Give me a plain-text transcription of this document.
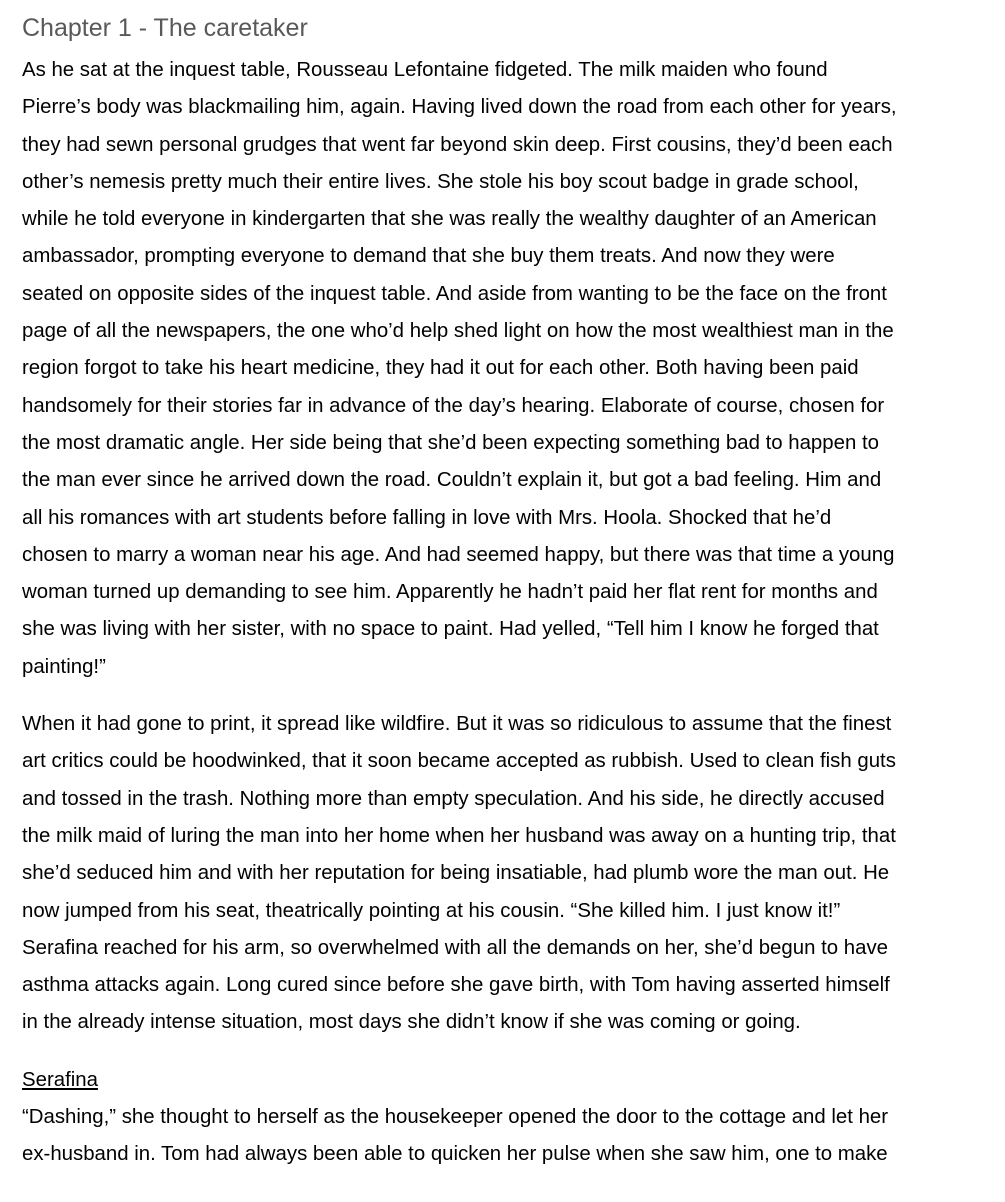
Chapter 1 - The caretaker

As he sat at the inquest table, Rousseau Lefontaine fidgeted. The milk maiden who found
Pierre’s body was blackmailing him, again. Having lived down the road from each other for years,
they had sewn personal grudges that went far beyond skin deep. First cousins, they’d been each
other’s nemesis pretty much their entire lives. She stole his boy scout badge in grade school,
while he told everyone in kindergarten that she was really the wealthy daughter of an American
ambassador, prompting everyone to demand that she buy them treats. And now they were
seated on opposite sides of the inquest table. And aside from wanting to be the face on the front
page of all the newspapers, the one who’d help shed light on how the most wealthiest man in the
region forgot to take his heart medicine, they had it out for each other. Both having been paid
handsomely for their stories far in advance of the day’s hearing. Elaborate of course, chosen for
the most dramatic angle. Her side being that she’d been expecting something bad to happen to
the man ever since he arrived down the road. Couldn’t explain it, but got a bad feeling. Him and
all his romances with art students before falling in love with Mrs. Hoola. Shocked that he’d
chosen to marry a woman near his age. And had seemed happy, but there was that time a young
woman turned up demanding to see him. Apparently he hadn’t paid her flat rent for months and
she was living with her sister, with no space to paint. Had yelled, “Tell him I know he forged that
painting!”

When it had gone to print, it spread like wildfire. But it was so ridiculous to assume that the finest
art critics could be hoodwinked, that it soon became accepted as rubbish. Used to clean fish guts
and tossed in the trash. Nothing more than empty speculation. And his side, he directly accused
the milk maid of luring the man into her home when her husband was away on a hunting trip, that
she’d seduced him and with her reputation for being insatiable, had plumb wore the man out. He
now jumped from his seat, theatrically pointing at his cousin. “She killed him. I just know it!”
Serafina reached for his arm, so overwhelmed with all the demands on her, she’d begun to have
asthma attacks again. Long cured since before she gave birth, with Tom having asserted himself
in the already intense situation, most days she didn’t know if she was coming or going.

Serafina

“Dashing,” she thought to herself as the housekeeper opened the door to the cottage and let her
ex-husband in. Tom had always been able to quicken her pulse when she saw him, one to make
